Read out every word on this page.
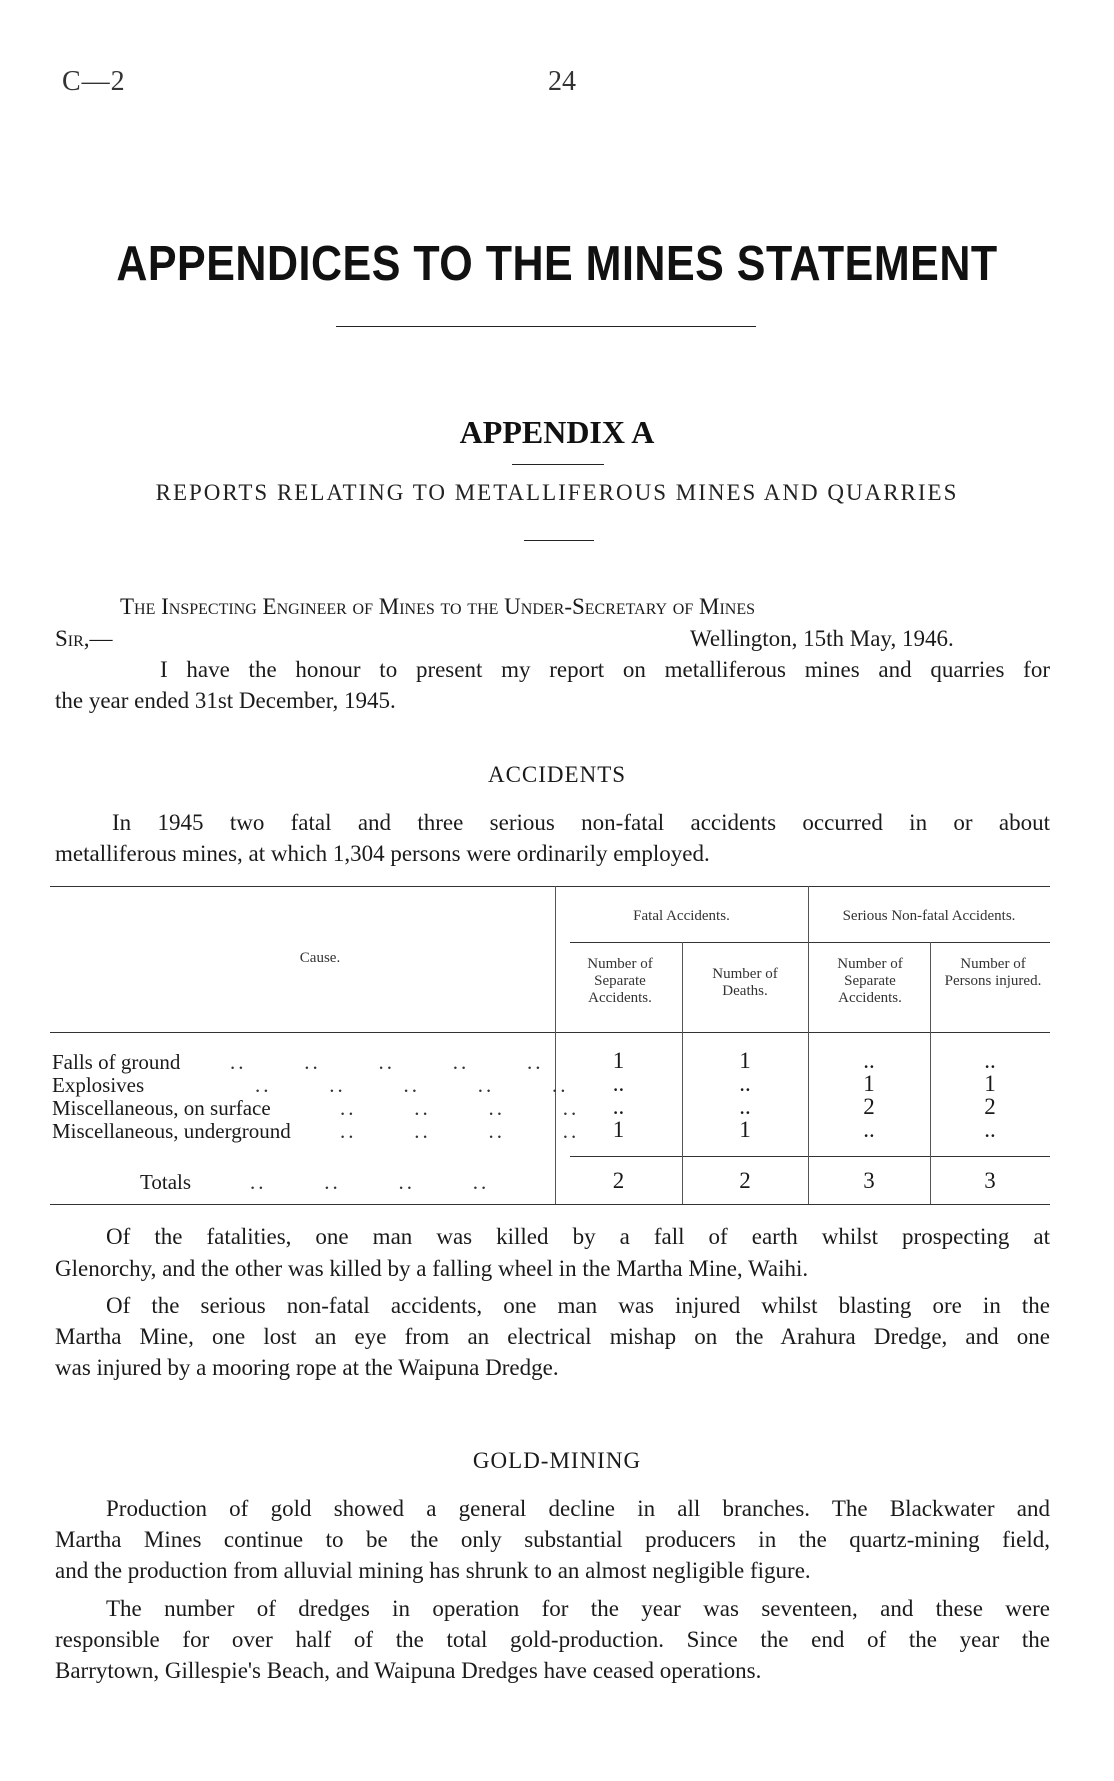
C—2	24
APPENDICES TO THE MINES STATEMENT
APPENDIX A
REPORTS RELATING TO METALLIFEROUS MINES AND QUARRIES
The Inspecting Engineer of Mines to the Under-Secretary of Mines
Sir,—	Wellington, 15th May, 1946.
I have the honour to present my report on metalliferous mines and quarries for
the year ended 31st December, 1945.
ACCIDENTS
In 1945 two fatal and three serious non-fatal accidents occurred in or about
metalliferous mines, at which 1,304 persons were ordinarily employed.
Cause.
Fatal Accidents.	Serious Non-fatal Accidents.
Number of Separate Accidents.
Number of Deaths.
Number of Separate Accidents.
Number of Persons injured.
Falls of ground ..       ..       ..       ..       ..	1	1	..	..
Explosives	..       ..       ..       ..       ..	..	..	1	1
Miscellaneous, on surface	..       ..       ..       ..	..	..	2	2
Miscellaneous, underground ..       ..       ..       ..	1	1	..	..
Totals	..       ..       ..       ..	2	2	3	3
Of the fatalities, one man was killed by a fall of earth whilst prospecting at
Glenorchy, and the other was killed by a falling wheel in the Martha Mine, Waihi.
Of the serious non-fatal accidents, one man was injured whilst blasting ore in the
Martha Mine, one lost an eye from an electrical mishap on the Arahura Dredge, and one
was injured by a mooring rope at the Waipuna Dredge.
GOLD-MINING
Production of gold showed a general decline in all branches. The Blackwater and
Martha Mines continue to be the only substantial producers in the quartz-mining field,
and the production from alluvial mining has shrunk to an almost negligible figure.
The number of dredges in operation for the year was seventeen, and these were
responsible for over half of the total gold-production. Since the end of the year the
Barrytown, Gillespie's Beach, and Waipuna Dredges have ceased operations.
